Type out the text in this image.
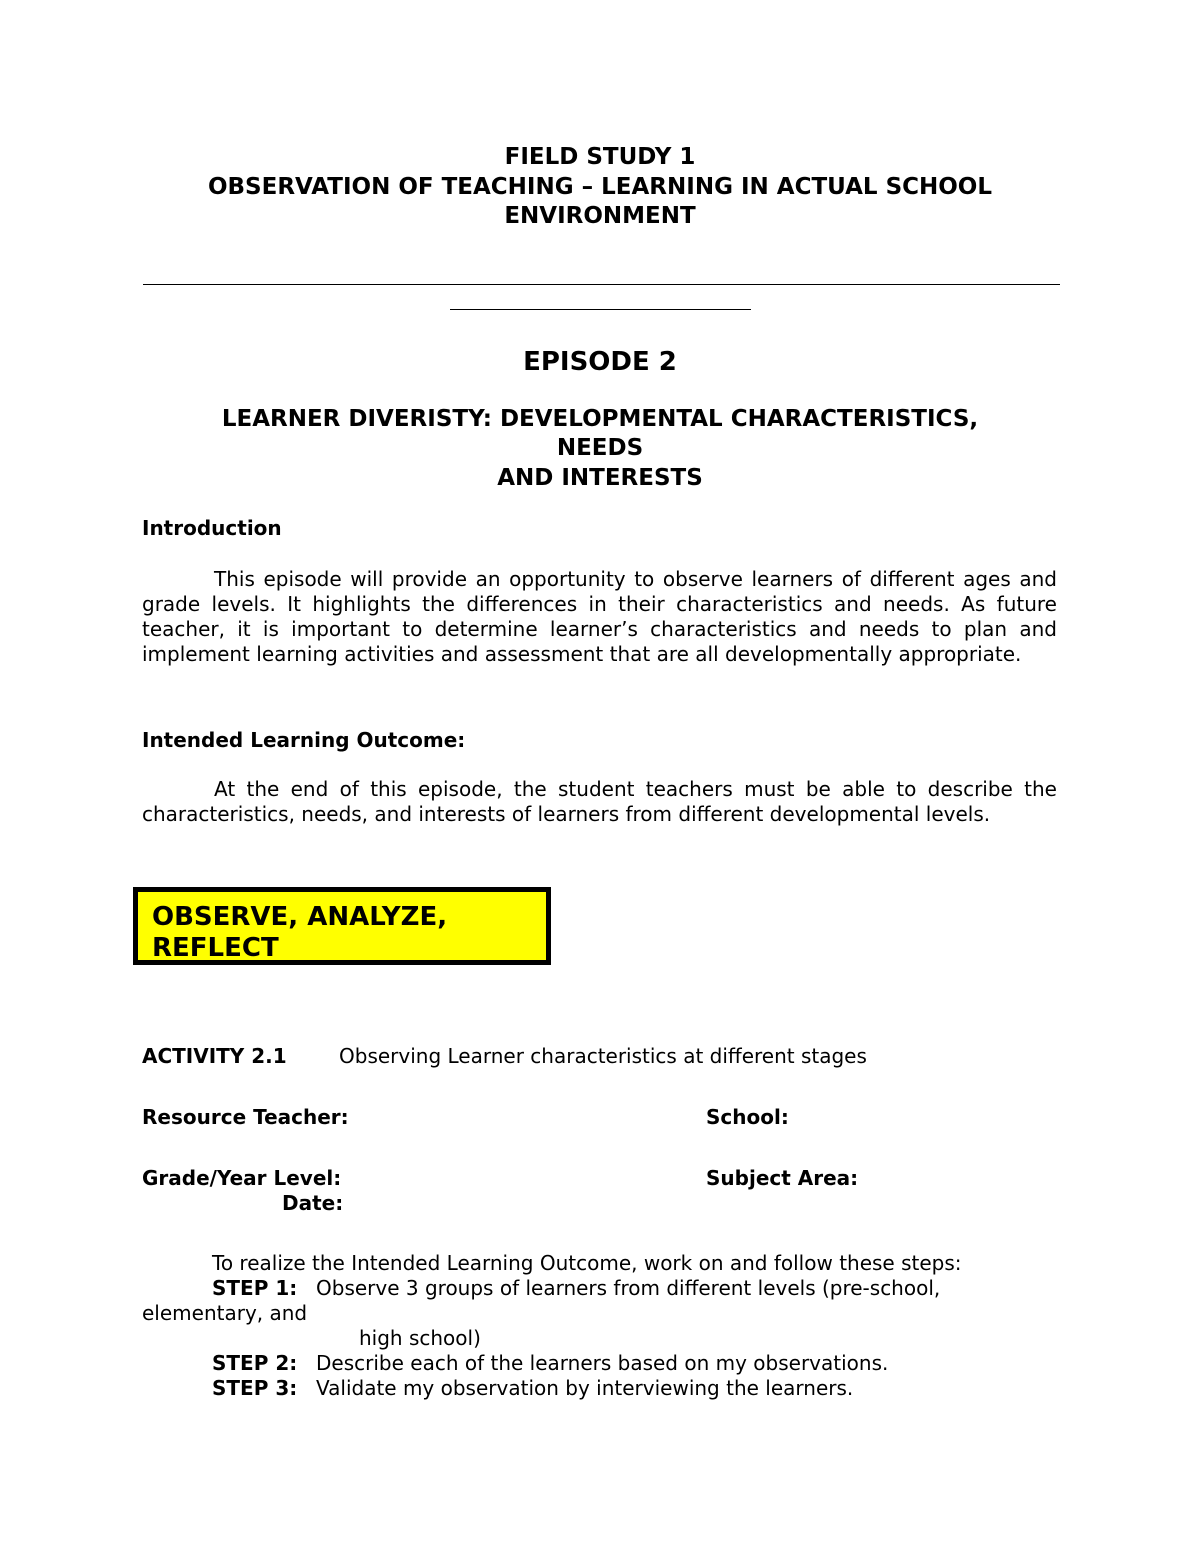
FIELD STUDY 1
OBSERVATION OF TEACHING – LEARNING IN ACTUAL SCHOOL
ENVIRONMENT
EPISODE 2
LEARNER DIVERISTY: DEVELOPMENTAL CHARACTERISTICS,
NEEDS
AND INTERESTS
Introduction
This episode will provide an opportunity to observe learners of different ages and grade levels. It highlights the differences in their characteristics and needs. As future teacher, it is important to determine learner’s characteristics and needs to plan and implement learning activities and assessment that are all developmentally appropriate.
Intended Learning Outcome:
At the end of this episode, the student teachers must be able to describe the characteristics, needs, and interests of learners from different developmental levels.
OBSERVE, ANALYZE,
REFLECT
ACTIVITY 2.1	Observing Learner characteristics at different stages
Resource Teacher:	School:
Grade/Year Level:	Subject Area:
Date:
To realize the Intended Learning Outcome, work on and follow these steps:
STEP 1: Observe 3 groups of learners from different levels (pre-school,
elementary, and
high school)
STEP 2: Describe each of the learners based on my observations.
STEP 3: Validate my observation by interviewing the learners.
